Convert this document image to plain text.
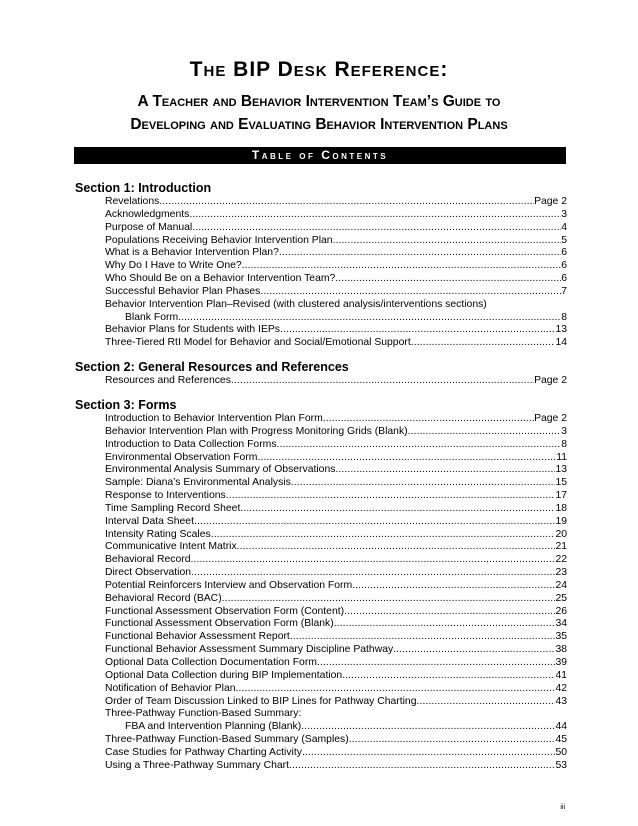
The BIP Desk Reference:
A Teacher and Behavior Intervention Team’s Guide to
Developing and Evaluating Behavior Intervention Plans
Table of Contents
Section 1: Introduction
Revelations .....	Page 2
Acknowledgments .....	3
Purpose of Manual .....	4
Populations Receiving Behavior Intervention Plan .....	5
What is a Behavior Intervention Plan? .....	6
Why Do I Have to Write One? .....	6
Who Should Be on a Behavior Intervention Team? .....	6
Successful Behavior Plan Phases .....	7
Behavior Intervention Plan–Revised (with clustered analysis/interventions sections)
Blank Form .....	8
Behavior Plans for Students with IEPs .....	13
Three-Tiered RtI Model for Behavior and Social/Emotional Support .....	14
Section 2: General Resources and References
Resources and References .....	Page 2
Section 3: Forms
Introduction to Behavior Intervention Plan Form .....	Page 2
Behavior Intervention Plan with Progress Monitoring Grids (Blank) .....	3
Introduction to Data Collection Forms .....	8
Environmental Observation Form .....	11
Environmental Analysis Summary of Observations .....	13
Sample: Diana’s Environmental Analysis .....	15
Response to Interventions .....	17
Time Sampling Record Sheet .....	18
Interval Data Sheet .....	19
Intensity Rating Scales .....	20
Communicative Intent Matrix .....	21
Behavioral Record .....	22
Direct Observation .....	23
Potential Reinforcers Interview and Observation Form .....	24
Behavioral Record (BAC) .....	25
Functional Assessment Observation Form (Content) .....	26
Functional Assessment Observation Form (Blank) .....	34
Functional Behavior Assessment Report .....	35
Functional Behavior Assessment Summary Discipline Pathway .....	38
Optional Data Collection Documentation Form .....	39
Optional Data Collection during BIP Implementation .....	41
Notification of Behavior Plan .....	42
Order of Team Discussion Linked to BIP Lines for Pathway Charting .....	43
Three-Pathway Function-Based Summary:
FBA and Intervention Planning (Blank) .....	44
Three-Pathway Function-Based Summary (Samples) .....	45
Case Studies for Pathway Charting Activity .....	50
Using a Three-Pathway Summary Chart .....	53
iii
